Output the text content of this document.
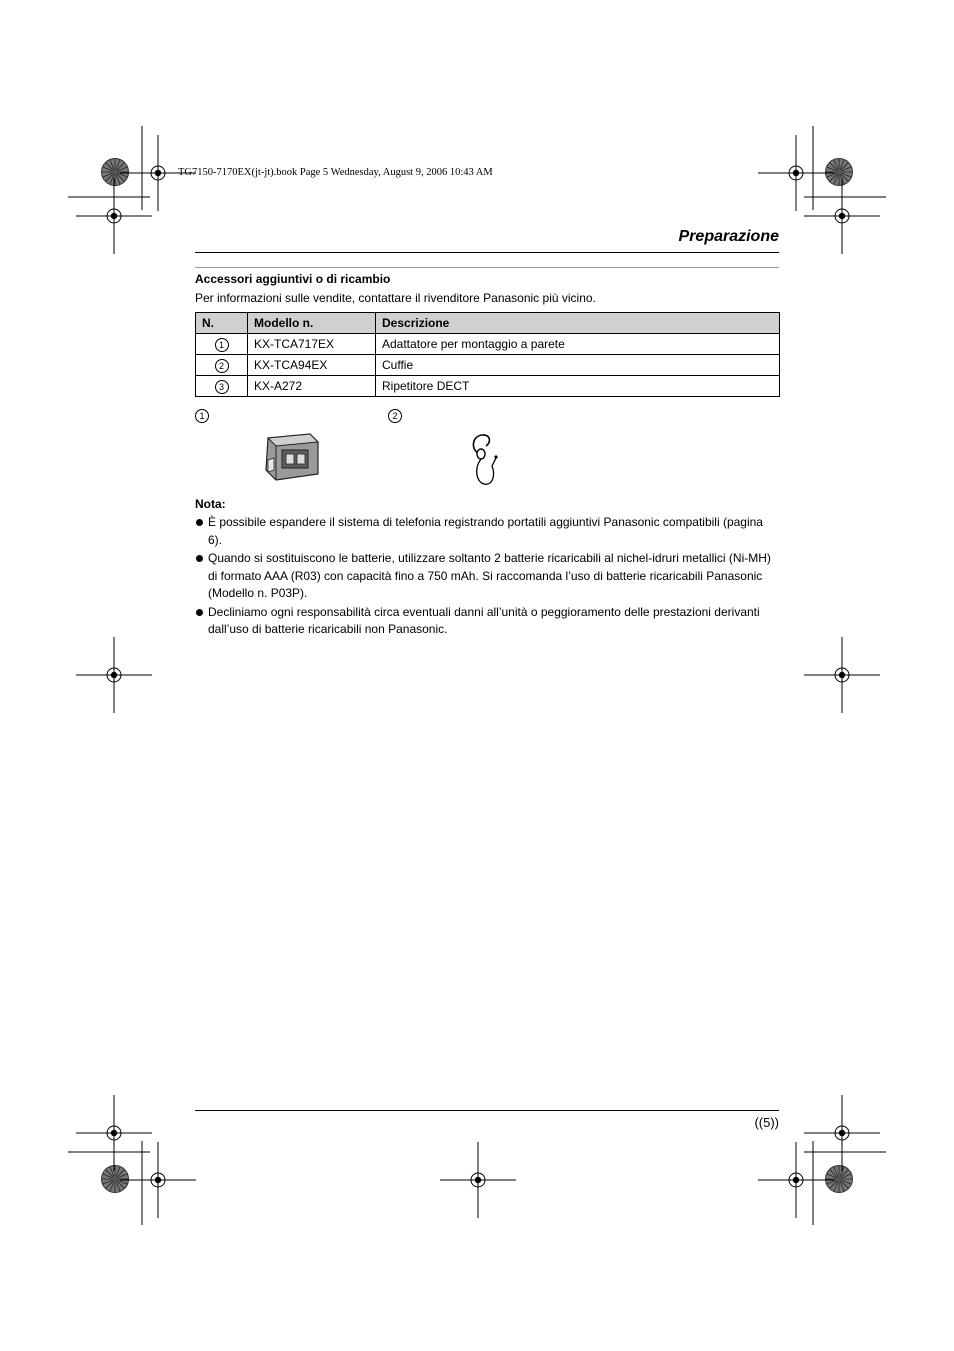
TG7150-7170EX(jt-jt).book Page 5 Wednesday, August 9, 2006 10:43 AM
Preparazione
Accessori aggiuntivi o di ricambio
Per informazioni sulle vendite, contattare il rivenditore Panasonic più vicino.
N.	Modello n.	Descrizione
1	KX-TCA717EX	Adattatore per montaggio a parete
2	KX-TCA94EX	Cuffie
3	KX-A272	Ripetitore DECT
1	2
Nota:
È possibile espandere il sistema di telefonia registrando portatili aggiuntivi Panasonic compatibili (pagina 6).
Quando si sostituiscono le batterie, utilizzare soltanto 2 batterie ricaricabili al nichel-idruri metallici (Ni-MH) di formato AAA (R03) con capacità fino a 750 mAh. Si raccomanda l’uso di batterie ricaricabili Panasonic (Modello n. P03P).
Decliniamo ogni responsabilità circa eventuali danni all’unità o peggioramento delle prestazioni derivanti dall’uso di batterie ricaricabili non Panasonic.
((5))
